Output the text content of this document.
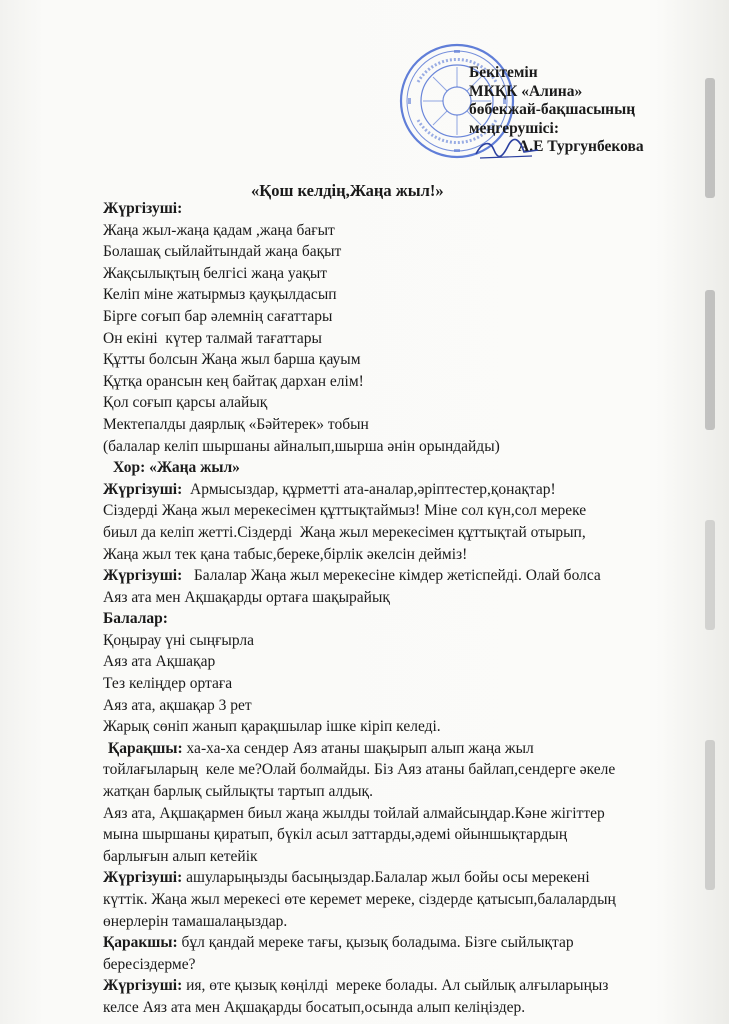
Бекітемін
МКҚК «Алина»
бөбекжай-бақшасының
меңгерушісі:
А.Е Тургунбекова
«Қош келдің,Жаңа жыл!»
Жүргізуші:
Жаңа жыл-жаңа қадам ,жаңа бағыт
Болашақ сыйлайтындай жаңа бақыт
Жақсылықтың белгісі жаңа уақыт
Келіп міне жатырмыз қауқылдасып
Бірге соғып бар әлемнің сағаттары
Он екіні  күтер талмай тағаттары
Құтты болсын Жаңа жыл барша қауым
Құтқа орансын кең байтақ дархан елім!
Қол соғып қарсы алайық
Мектепалды даярлық «Бәйтерек» тобын
(балалар келіп шыршаны айналып,шырша әнін орындайды)
Хор: «Жаңа жыл»
Жүргізуші:  Армысыздар, құрметті ата-аналар,әріптестер,қонақтар!
Сіздерді Жаңа жыл мерекесімен құттықтаймыз! Міне сол күн,сол мереке
биыл да келіп жетті.Сіздерді  Жаңа жыл мерекесімен құттықтай отырып,
Жаңа жыл тек қана табыс,береке,бірлік әкелсін дейміз!
Жүргізуші:   Балалар Жаңа жыл мерекесіне кімдер жетіспейді. Олай болса
Аяз ата мен Ақшақарды ортаға шақырайық
Балалар:
Қоңырау үні сыңғырла
Аяз ата Ақшақар
Тез келіңдер ортаға
Аяз ата, ақшақар 3 рет
Жарық сөніп жанып қарақшылар ішке кіріп келеді.
Қарақшы: ха-ха-ха сендер Аяз атаны шақырып алып жаңа жыл
тойлағыларың  келе ме?Олай болмайды. Біз Аяз атаны байлап,сендерге әкеле
жатқан барлық сыйлықты тартып алдық.
Аяз ата, Ақшақармен биыл жаңа жылды тойлай алмайсыңдар.Кәне жігіттер
мына шыршаны қиратып, бүкіл асыл заттарды,әдемі ойыншықтардың
барлығын алып кетейік
Жүргізуші: ашуларыңызды басыңыздар.Балалар жыл бойы осы мерекені
күттік. Жаңа жыл мерекесі өте керемет мереке, сіздерде қатысып,балалардың
өнерлерін тамашалаңыздар.
Қаракшы: бұл қандай мереке тағы, қызық боладыма. Бізге сыйлықтар
бересіздерме?
Жүргізуші: ия, өте қызық көңілді  мереке болады. Ал сыйлық алғыларыңыз
келсе Аяз ата мен Ақшақарды босатып,осында алып келіңіздер.
